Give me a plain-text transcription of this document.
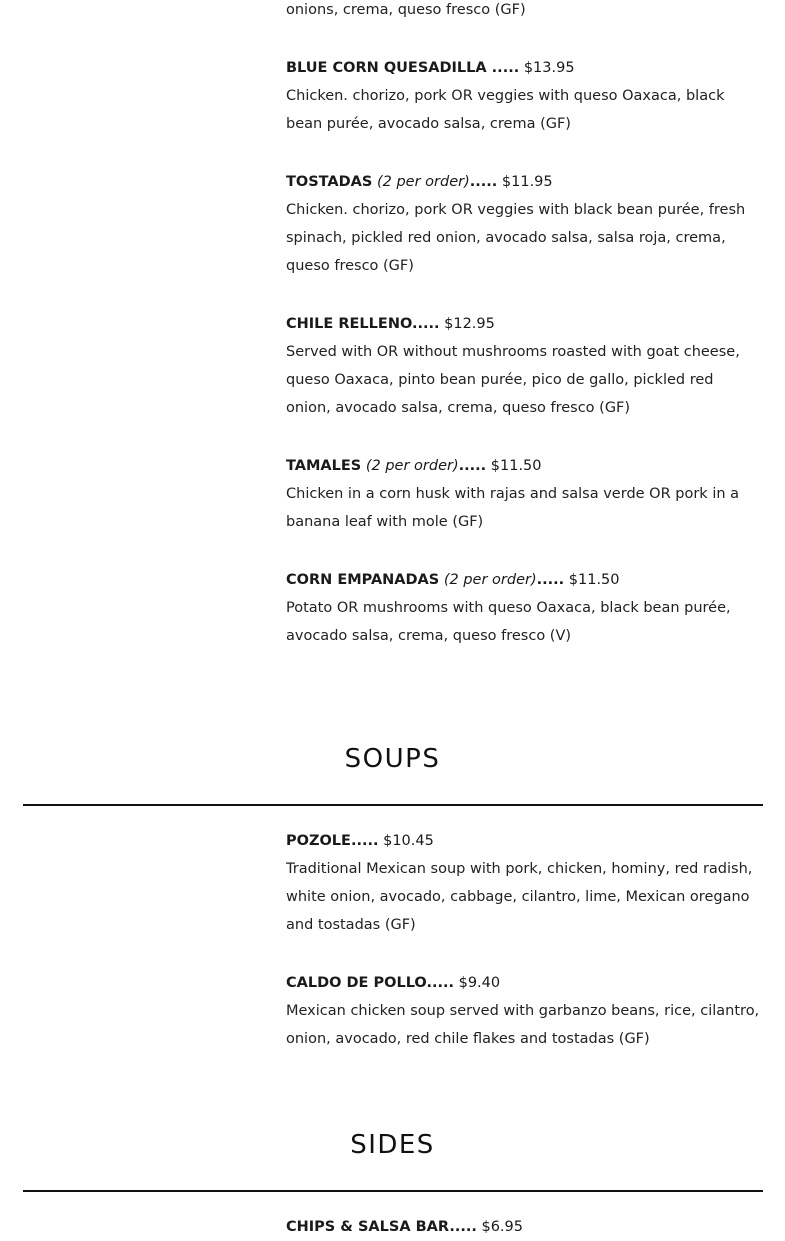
onions, crema, queso fresco (GF)
BLUE CORN QUESADILLA ..... $13.95
Chicken. chorizo, pork OR veggies with queso Oaxaca, black bean purée, avocado salsa, crema (GF)
TOSTADAS (2 per order)..... $11.95
Chicken. chorizo, pork OR veggies with black bean purée, fresh spinach, pickled red onion, avocado salsa, salsa roja, crema, queso fresco (GF)
CHILE RELLENO..... $12.95
Served with OR without mushrooms roasted with goat cheese, queso Oaxaca, pinto bean purée, pico de gallo, pickled red onion, avocado salsa, crema, queso fresco (GF)
TAMALES (2 per order)..... $11.50
Chicken in a corn husk with rajas and salsa verde OR pork in a banana leaf with mole (GF)
CORN EMPANADAS (2 per order)..... $11.50
Potato OR mushrooms with queso Oaxaca, black bean purée, avocado salsa, crema, queso fresco (V)
SOUPS
POZOLE..... $10.45
Traditional Mexican soup with pork, chicken, hominy, red radish, white onion, avocado, cabbage, cilantro, lime, Mexican oregano and tostadas (GF)
CALDO DE POLLO..... $9.40
Mexican chicken soup served with garbanzo beans, rice, cilantro, onion, avocado, red chile flakes and tostadas (GF)
SIDES
CHIPS & SALSA BAR..... $6.95
